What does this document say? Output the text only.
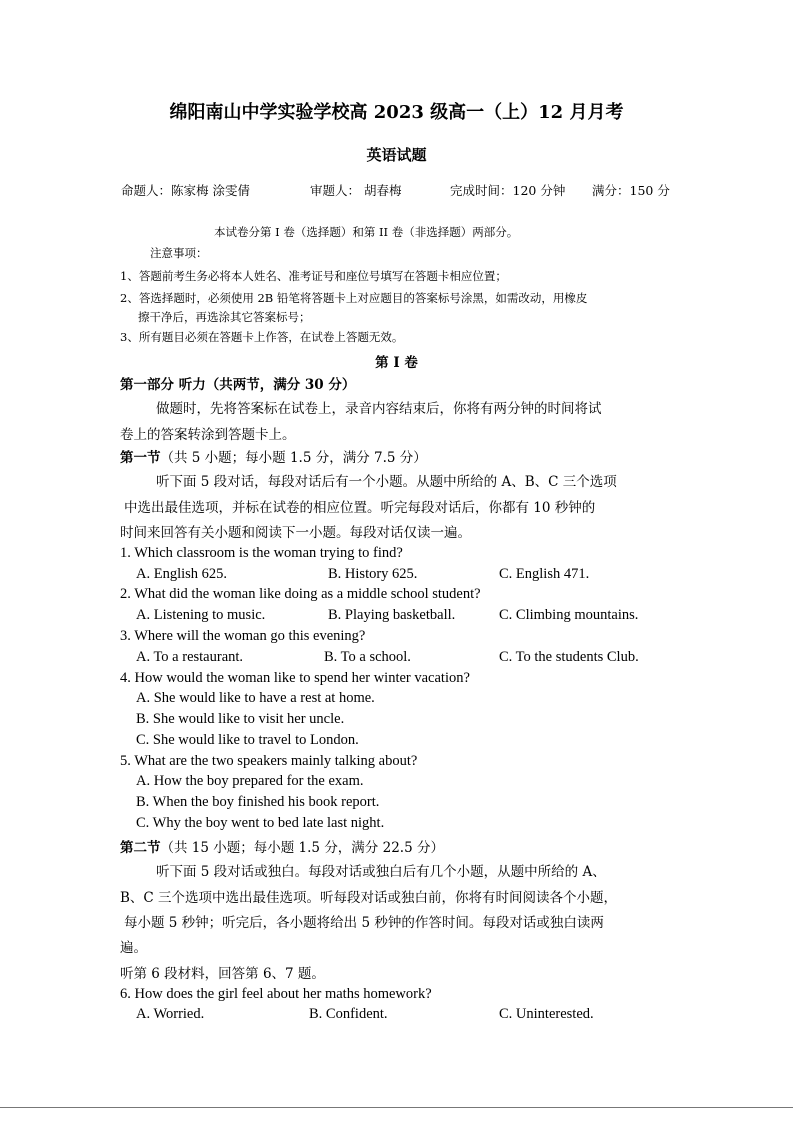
绵阳南山中学实验学校高 2023 级高一（上）12 月月考
英语试题
命题人：陈家梅 涂雯倩	审题人： 胡春梅	完成时间：120 分钟 满分：150 分
本试卷分第 I 卷（选择题）和第 II 卷（非选择题）两部分。
注意事项：
1、答题前考生务必将本人姓名、准考证号和座位号填写在答题卡相应位置；
2、答选择题时，必须使用 2B 铅笔将答题卡上对应题目的答案标号涂黑，如需改动，用橡皮
擦干净后，再选涂其它答案标号；
3、所有题目必须在答题卡上作答，在试卷上答题无效。
第 I 卷
第一部分 听力（共两节，满分 30 分）
做题时，先将答案标在试卷上，录音内容结束后，你将有两分钟的时间将试
卷上的答案转涂到答题卡上。
第一节（共 5 小题；每小题 1.5 分，满分 7.5 分）
听下面 5 段对话，每段对话后有一个小题。从题中所给的 A、B、C 三个选项
中选出最佳选项，并标在试卷的相应位置。听完每段对话后，你都有 10 秒钟的
时间来回答有关小题和阅读下一小题。每段对话仅读一遍。
1. Which classroom is the woman trying to find?
A. English 625.	B. History 625.	C. English 471.
2. What did the woman like doing as a middle school student?
A. Listening to music.	B. Playing basketball.	C. Climbing mountains.
3. Where will the woman go this evening?
A. To a restaurant.	B. To a school.	C. To the students Club.
4. How would the woman like to spend her winter vacation?
A. She would like to have a rest at home.
B. She would like to visit her uncle.
C. She would like to travel to London.
5. What are the two speakers mainly talking about?
A. How the boy prepared for the exam.
B. When the boy finished his book report.
C. Why the boy went to bed late last night.
第二节（共 15 小题；每小题 1.5 分，满分 22.5 分）
听下面 5 段对话或独白。每段对话或独白后有几个小题，从题中所给的 A、
B、C 三个选项中选出最佳选项。听每段对话或独白前，你将有时间阅读各个小题，
每小题 5 秒钟；听完后，各小题将给出 5 秒钟的作答时间。每段对话或独白读两
遍。
听第 6 段材料，回答第 6、7 题。
6. How does the girl feel about her maths homework?
A. Worried.	B. Confident.	C. Uninterested.
